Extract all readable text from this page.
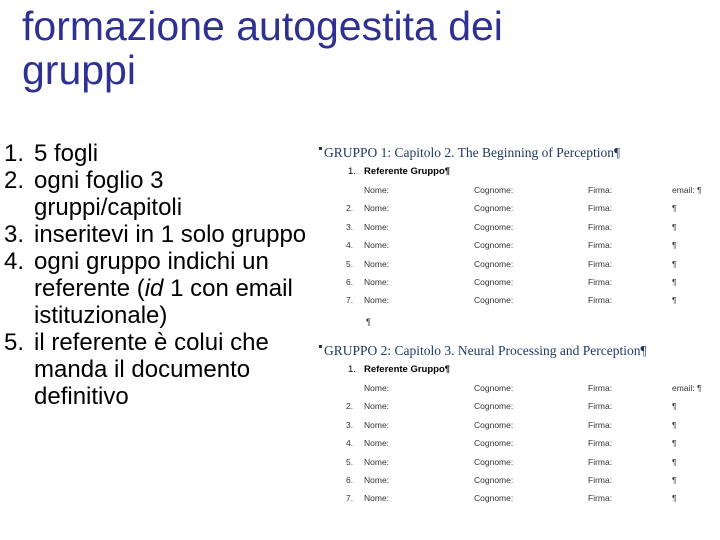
formazione autogestita dei gruppi
1. 5 fogli
2. ogni foglio 3 gruppi/capitoli
3. inseritevi in 1 solo gruppo
4. ogni gruppo indichi un referente (id 1 con email istituzionale)
5. il referente è colui che manda il documento definitivo
GRUPPO 1: Capitolo 2. The Beginning of Perception¶
1. Referente Gruppo¶
Nome:	Cognome:	Firma:	email: ¶
2. Nome:	Cognome:	Firma:	¶
3. Nome:	Cognome:	Firma:	¶
4. Nome:	Cognome:	Firma:	¶
5. Nome:	Cognome:	Firma:	¶
6. Nome:	Cognome:	Firma:	¶
7. Nome:	Cognome:	Firma:	¶
¶
GRUPPO 2: Capitolo 3. Neural Processing and Perception¶
1. Referente Gruppo¶
Nome:	Cognome:	Firma:	email: ¶
2. Nome:	Cognome:	Firma:	¶
3. Nome:	Cognome:	Firma:	¶
4. Nome:	Cognome:	Firma:	¶
5. Nome:	Cognome:	Firma:	¶
6. Nome:	Cognome:	Firma:	¶
7. Nome:	Cognome:	Firma:	¶
